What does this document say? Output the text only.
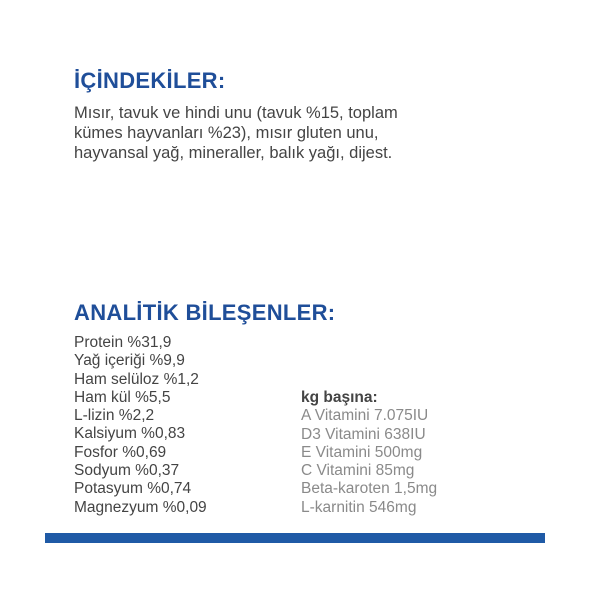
İÇİNDEKİLER:

Mısır, tavuk ve hindi unu (tavuk %15, toplam
kümes hayvanları %23), mısır gluten unu,
hayvansal yağ, mineraller, balık yağı, dijest.

ANALİTİK BİLEŞENLER:
Protein %31,9
Yağ içeriği %9,9
Ham selüloz %1,2
Ham kül %5,5
L-lizin %2,2
Kalsiyum %0,83
Fosfor %0,69
Sodyum %0,37
Potasyum %0,74
Magnezyum %0,09
kg başına:
A Vitamini 7.075IU
D3 Vitamini 638IU
E Vitamini 500mg
C Vitamini 85mg
Beta-karoten 1,5mg
L-karnitin 546mg
